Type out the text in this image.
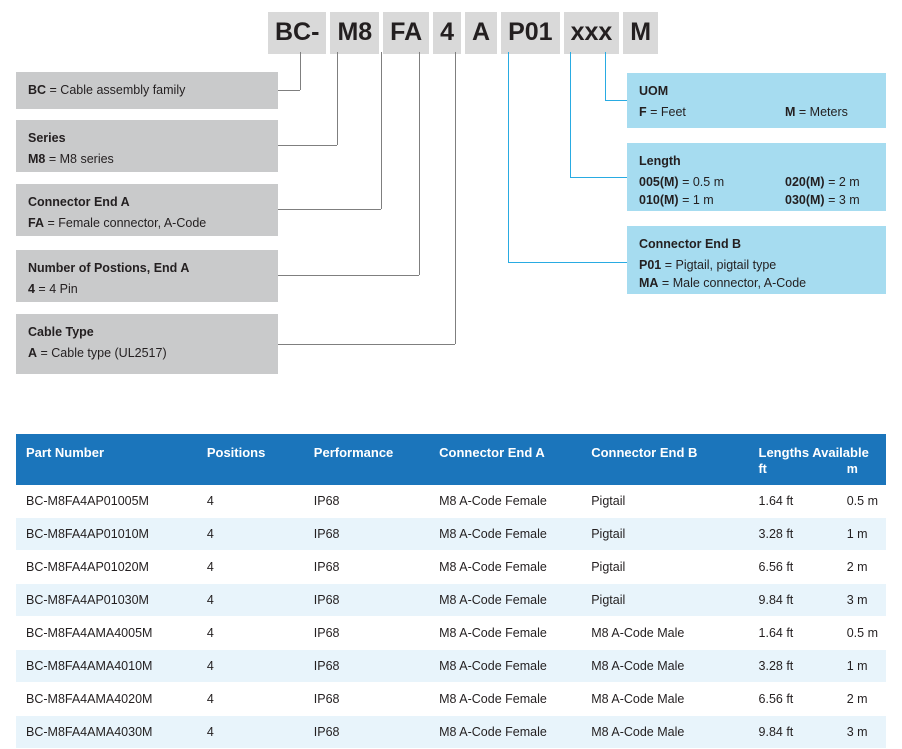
BC- M8 FA 4 A P01 xxx M
BC = Cable assembly family
Series
M8 = M8 series
Connector End A
FA = Female connector, A-Code
Number of Postions, End A
4 = 4 Pin
Cable Type
A = Cable type (UL2517)
UOM
F = Feet	M = Meters
Length
005(M) = 0.5 m
010(M) = 1 m
020(M) = 2 m
030(M) = 3 m
Connector End B
P01 = Pigtail, pigtail type
MA = Male connector, A-Code
Part Number	Positions	Performance	Connector End A	Connector End B	Lengths Available	
					ft	m
BC-M8FA4AP01005M	4	IP68	M8 A-Code Female	Pigtail	1.64 ft	0.5 m
BC-M8FA4AP01010M	4	IP68	M8 A-Code Female	Pigtail	3.28 ft	1 m
BC-M8FA4AP01020M	4	IP68	M8 A-Code Female	Pigtail	6.56 ft	2 m
BC-M8FA4AP01030M	4	IP68	M8 A-Code Female	Pigtail	9.84 ft	3 m
BC-M8FA4AMA4005M	4	IP68	M8 A-Code Female	M8 A-Code Male	1.64 ft	0.5 m
BC-M8FA4AMA4010M	4	IP68	M8 A-Code Female	M8 A-Code Male	3.28 ft	1 m
BC-M8FA4AMA4020M	4	IP68	M8 A-Code Female	M8 A-Code Male	6.56 ft	2 m
BC-M8FA4AMA4030M	4	IP68	M8 A-Code Female	M8 A-Code Male	9.84 ft	3 m
